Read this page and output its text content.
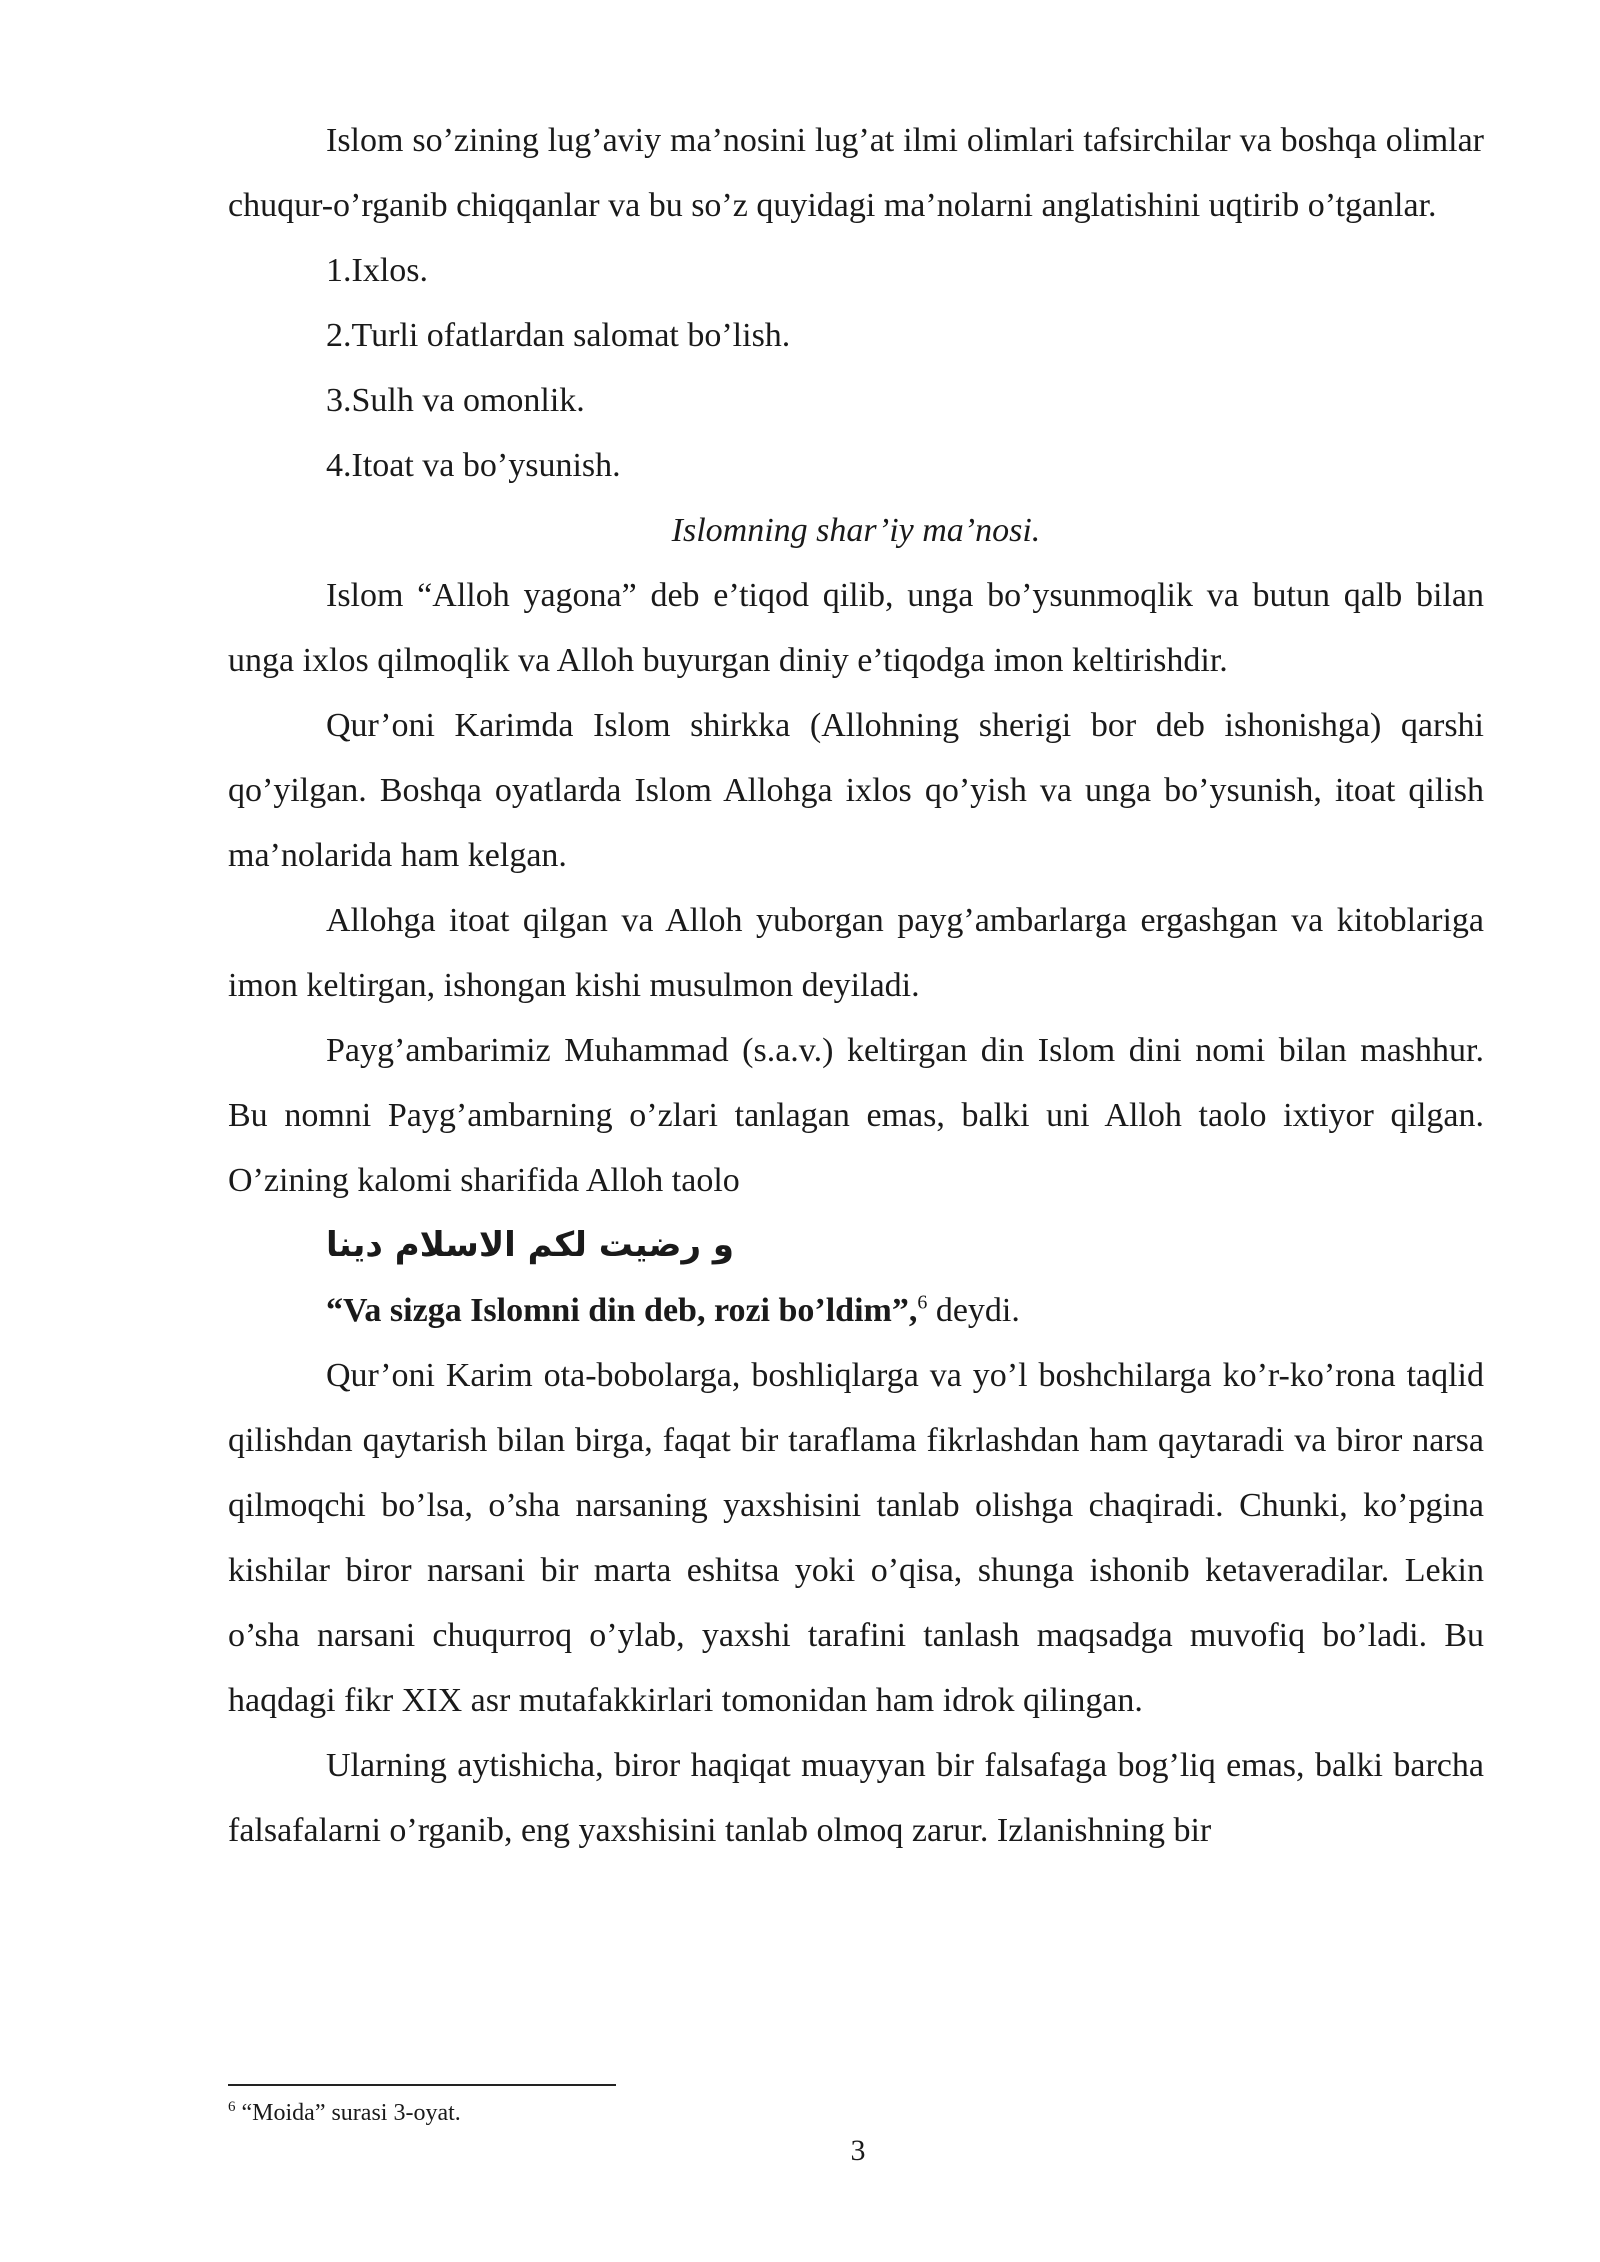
Islom so’zining lug’aviy ma’nosini lug’at ilmi olimlari tafsirchilar va boshqa olimlar chuqur-o’rganib chiqqanlar va bu so’z quyidagi ma’nolarni anglatishini uqtirib o’tganlar.

1.Ixlos.

2.Turli ofatlardan salomat bo’lish.

3.Sulh va omonlik.

4.Itoat va bo’ysunish.

Islomning shar’iy ma’nosi.

Islom “Alloh yagona” deb e’tiqod qilib, unga bo’ysunmoqlik va butun qalb bilan unga ixlos qilmoqlik va Alloh buyurgan diniy e’tiqodga imon keltirishdir.

Qur’oni Karimda Islom shirkka (Allohning sherigi bor deb ishonishga) qarshi qo’yilgan. Boshqa oyatlarda Islom Allohga ixlos qo’yish va unga bo’ysunish, itoat qilish ma’nolarida ham kelgan.

Allohga itoat qilgan va Alloh yuborgan payg’ambarlarga ergashgan va kitoblariga imon keltirgan, ishongan kishi musulmon deyiladi.

Payg’ambarimiz Muhammad (s.a.v.) keltirgan din Islom dini nomi bilan mashhur. Bu nomni Payg’ambarning o’zlari tanlagan emas, balki uni Alloh taolo ixtiyor qilgan. O’zining kalomi sharifida Alloh taolo

و رضيت لكم الاسلام دينا

“Va sizga Islomni din deb, rozi bo’ldim”,$^6$ deydi.

Qur’oni Karim ota-bobolarga, boshliqlarga va yo’l boshchilarga ko’r-ko’rona taqlid qilishdan qaytarish bilan birga, faqat bir taraflama fikrlashdan ham qaytaradi va biror narsa qilmoqchi bo’lsa, o’sha narsaning yaxshisini tanlab olishga chaqiradi. Chunki, ko’pgina kishilar biror narsani bir marta eshitsa yoki o’qisa, shunga ishonib ketaveradilar. Lekin o’sha narsani chuqurroq o’ylab, yaxshi tarafini tanlash maqsadga muvofiq bo’ladi. Bu haqdagi fikr XIX asr mutafakkirlari tomonidan ham idrok qilingan.

Ularning aytishicha, biror haqiqat muayyan bir falsafaga bog’liq emas, balki barcha falsafalarni o’rganib, eng yaxshisini tanlab olmoq zarur. Izlanishning bir

$^6$ “Moida” surasi 3-oyat.
3
